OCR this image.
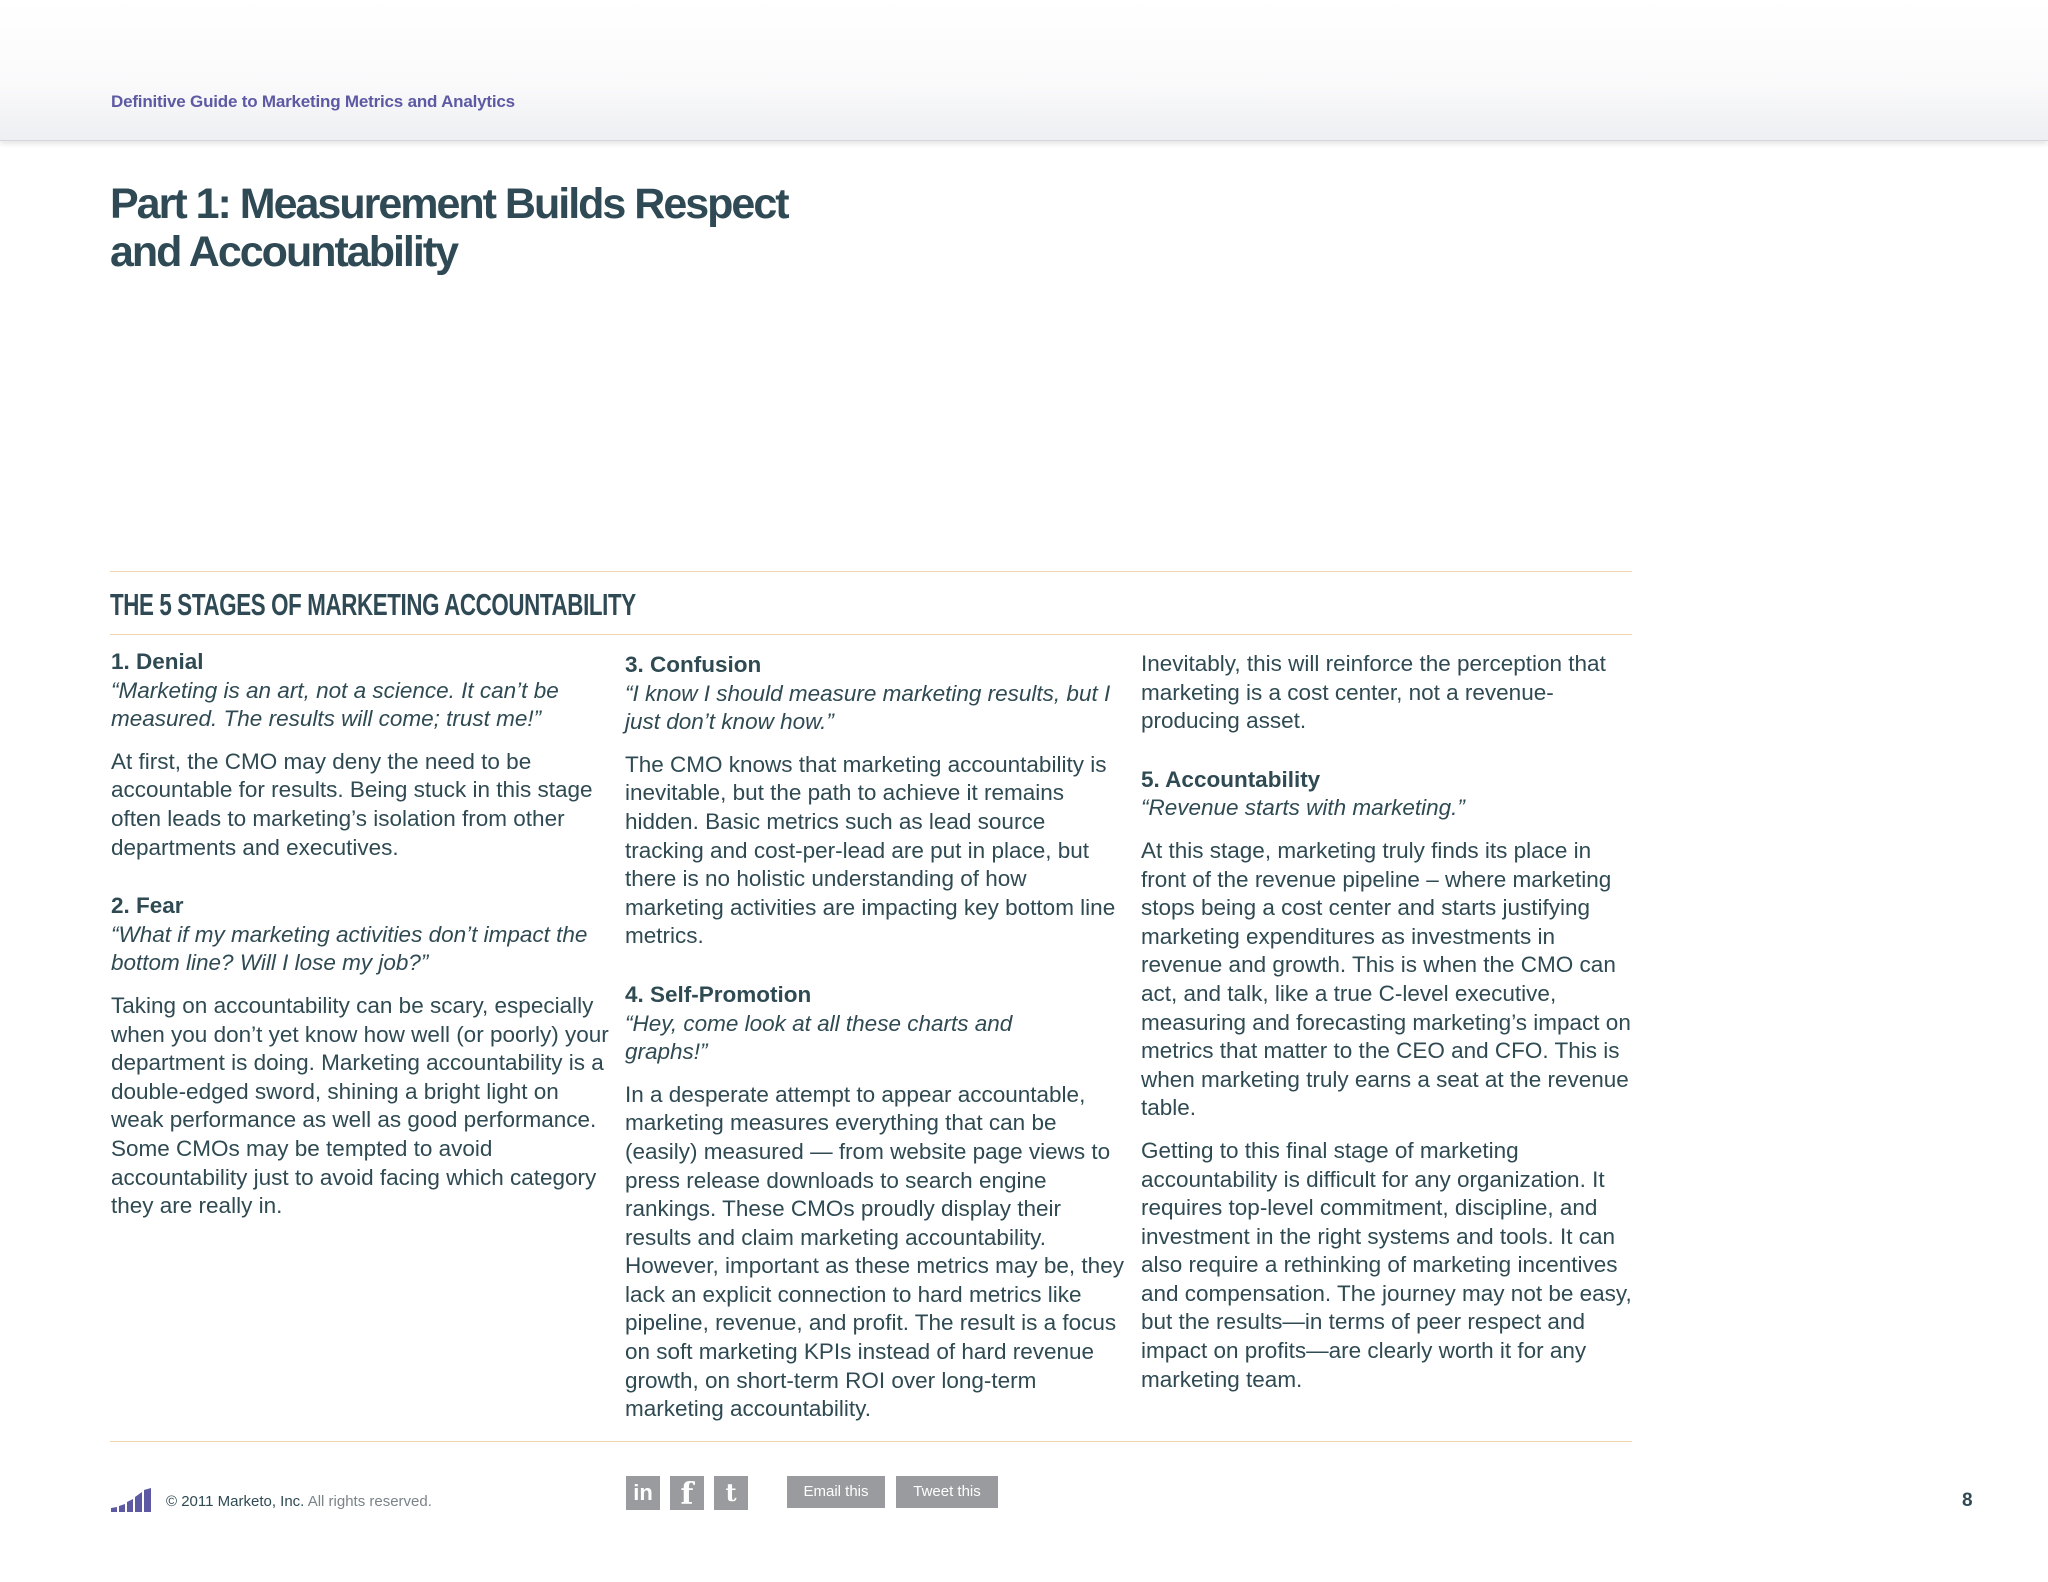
Definitive Guide to Marketing Metrics and Analytics
Part 1: Measurement Builds Respect
and Accountability
THE 5 STAGES OF MARKETING ACCOUNTABILITY
1. Denial
“Marketing is an art, not a science. It can’t be measured. The results will come; trust me!”
At first, the CMO may deny the need to be accountable for results. Being stuck in this stage often leads to marketing’s isolation from other departments and executives.
2. Fear
“What if my marketing activities don’t impact the bottom line? Will I lose my job?”
Taking on accountability can be scary, especially when you don’t yet know how well (or poorly) your department is doing. Marketing accountability is a double-edged sword, shining a bright light on weak performance as well as good performance. Some CMOs may be tempted to avoid accountability just to avoid facing which category they are really in.
3. Confusion
“I know I should measure marketing results, but I just don’t know how.”
The CMO knows that marketing accountability is inevitable, but the path to achieve it remains hidden. Basic metrics such as lead source tracking and cost-per-lead are put in place, but there is no holistic understanding of how marketing activities are impacting key bottom line metrics.
4. Self-Promotion
“Hey, come look at all these charts and graphs!”
In a desperate attempt to appear accountable, marketing measures everything that can be (easily) measured — from website page views to press release downloads to search engine rankings. These CMOs proudly display their results and claim marketing accountability. However, important as these metrics may be, they lack an explicit connection to hard metrics like pipeline, revenue, and profit. The result is a focus on soft marketing KPIs instead of hard revenue growth, on short-term ROI over long-term marketing accountability.
Inevitably, this will reinforce the perception that marketing is a cost center, not a revenue-producing asset.
5. Accountability
“Revenue starts with marketing.”
At this stage, marketing truly finds its place in front of the revenue pipeline – where marketing stops being a cost center and starts justifying marketing expenditures as investments in revenue and growth. This is when the CMO can act, and talk, like a true C-level executive, measuring and forecasting marketing’s impact on metrics that matter to the CEO and CFO. This is when marketing truly earns a seat at the revenue table.
Getting to this final stage of marketing accountability is difficult for any organization. It requires top-level commitment, discipline, and investment in the right systems and tools. It can also require a rethinking of marketing incentives and compensation. The journey may not be easy, but the results—in terms of peer respect and impact on profits—are clearly worth it for any marketing team.
© 2011 Marketo, Inc. All rights reserved.	in f	t	Email this	Tweet this	8
